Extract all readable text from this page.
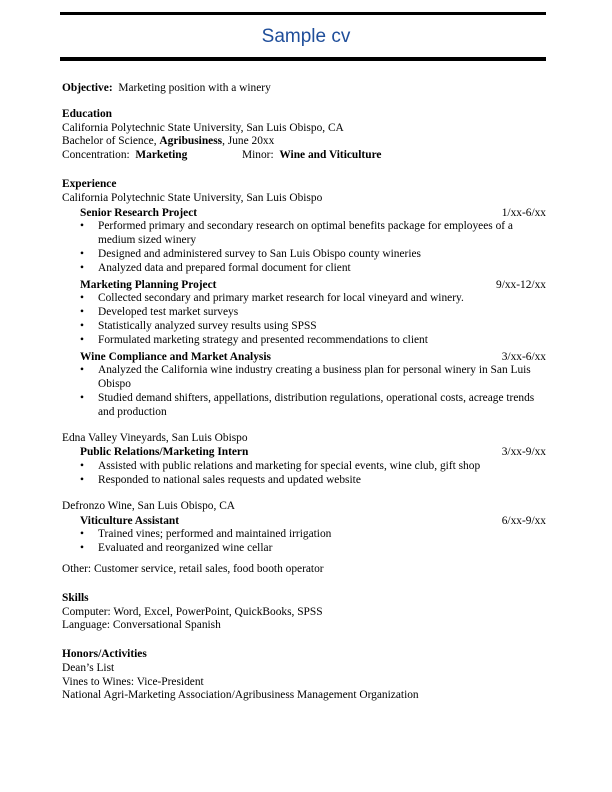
Sample cv
Objective: Marketing position with a winery
Education
California Polytechnic State University, San Luis Obispo, CA
Bachelor of Science, Agribusiness, June 20xx
Concentration: Marketing	Minor: Wine and Viticulture
Experience
California Polytechnic State University, San Luis Obispo
Senior Research Project	1/xx-6/xx
• Performed primary and secondary research on optimal benefits package for employees of a medium sized winery
• Designed and administered survey to San Luis Obispo county wineries
• Analyzed data and prepared formal document for client
Marketing Planning Project	9/xx-12/xx
• Collected secondary and primary market research for local vineyard and winery.
• Developed test market surveys
• Statistically analyzed survey results using SPSS
• Formulated marketing strategy and presented recommendations to client
Wine Compliance and Market Analysis	3/xx-6/xx
• Analyzed the California wine industry creating a business plan for personal winery in San Luis Obispo
• Studied demand shifters, appellations, distribution regulations, operational costs, acreage trends and production
Edna Valley Vineyards, San Luis Obispo
Public Relations/Marketing Intern	3/xx-9/xx
• Assisted with public relations and marketing for special events, wine club, gift shop
• Responded to national sales requests and updated website
Defronzo Wine, San Luis Obispo, CA
Viticulture Assistant	6/xx-9/xx
• Trained vines; performed and maintained irrigation
• Evaluated and reorganized wine cellar
Other: Customer service, retail sales, food booth operator
Skills
Computer: Word, Excel, PowerPoint, QuickBooks, SPSS
Language: Conversational Spanish
Honors/Activities
Dean’s List
Vines to Wines: Vice-President
National Agri-Marketing Association/Agribusiness Management Organization
